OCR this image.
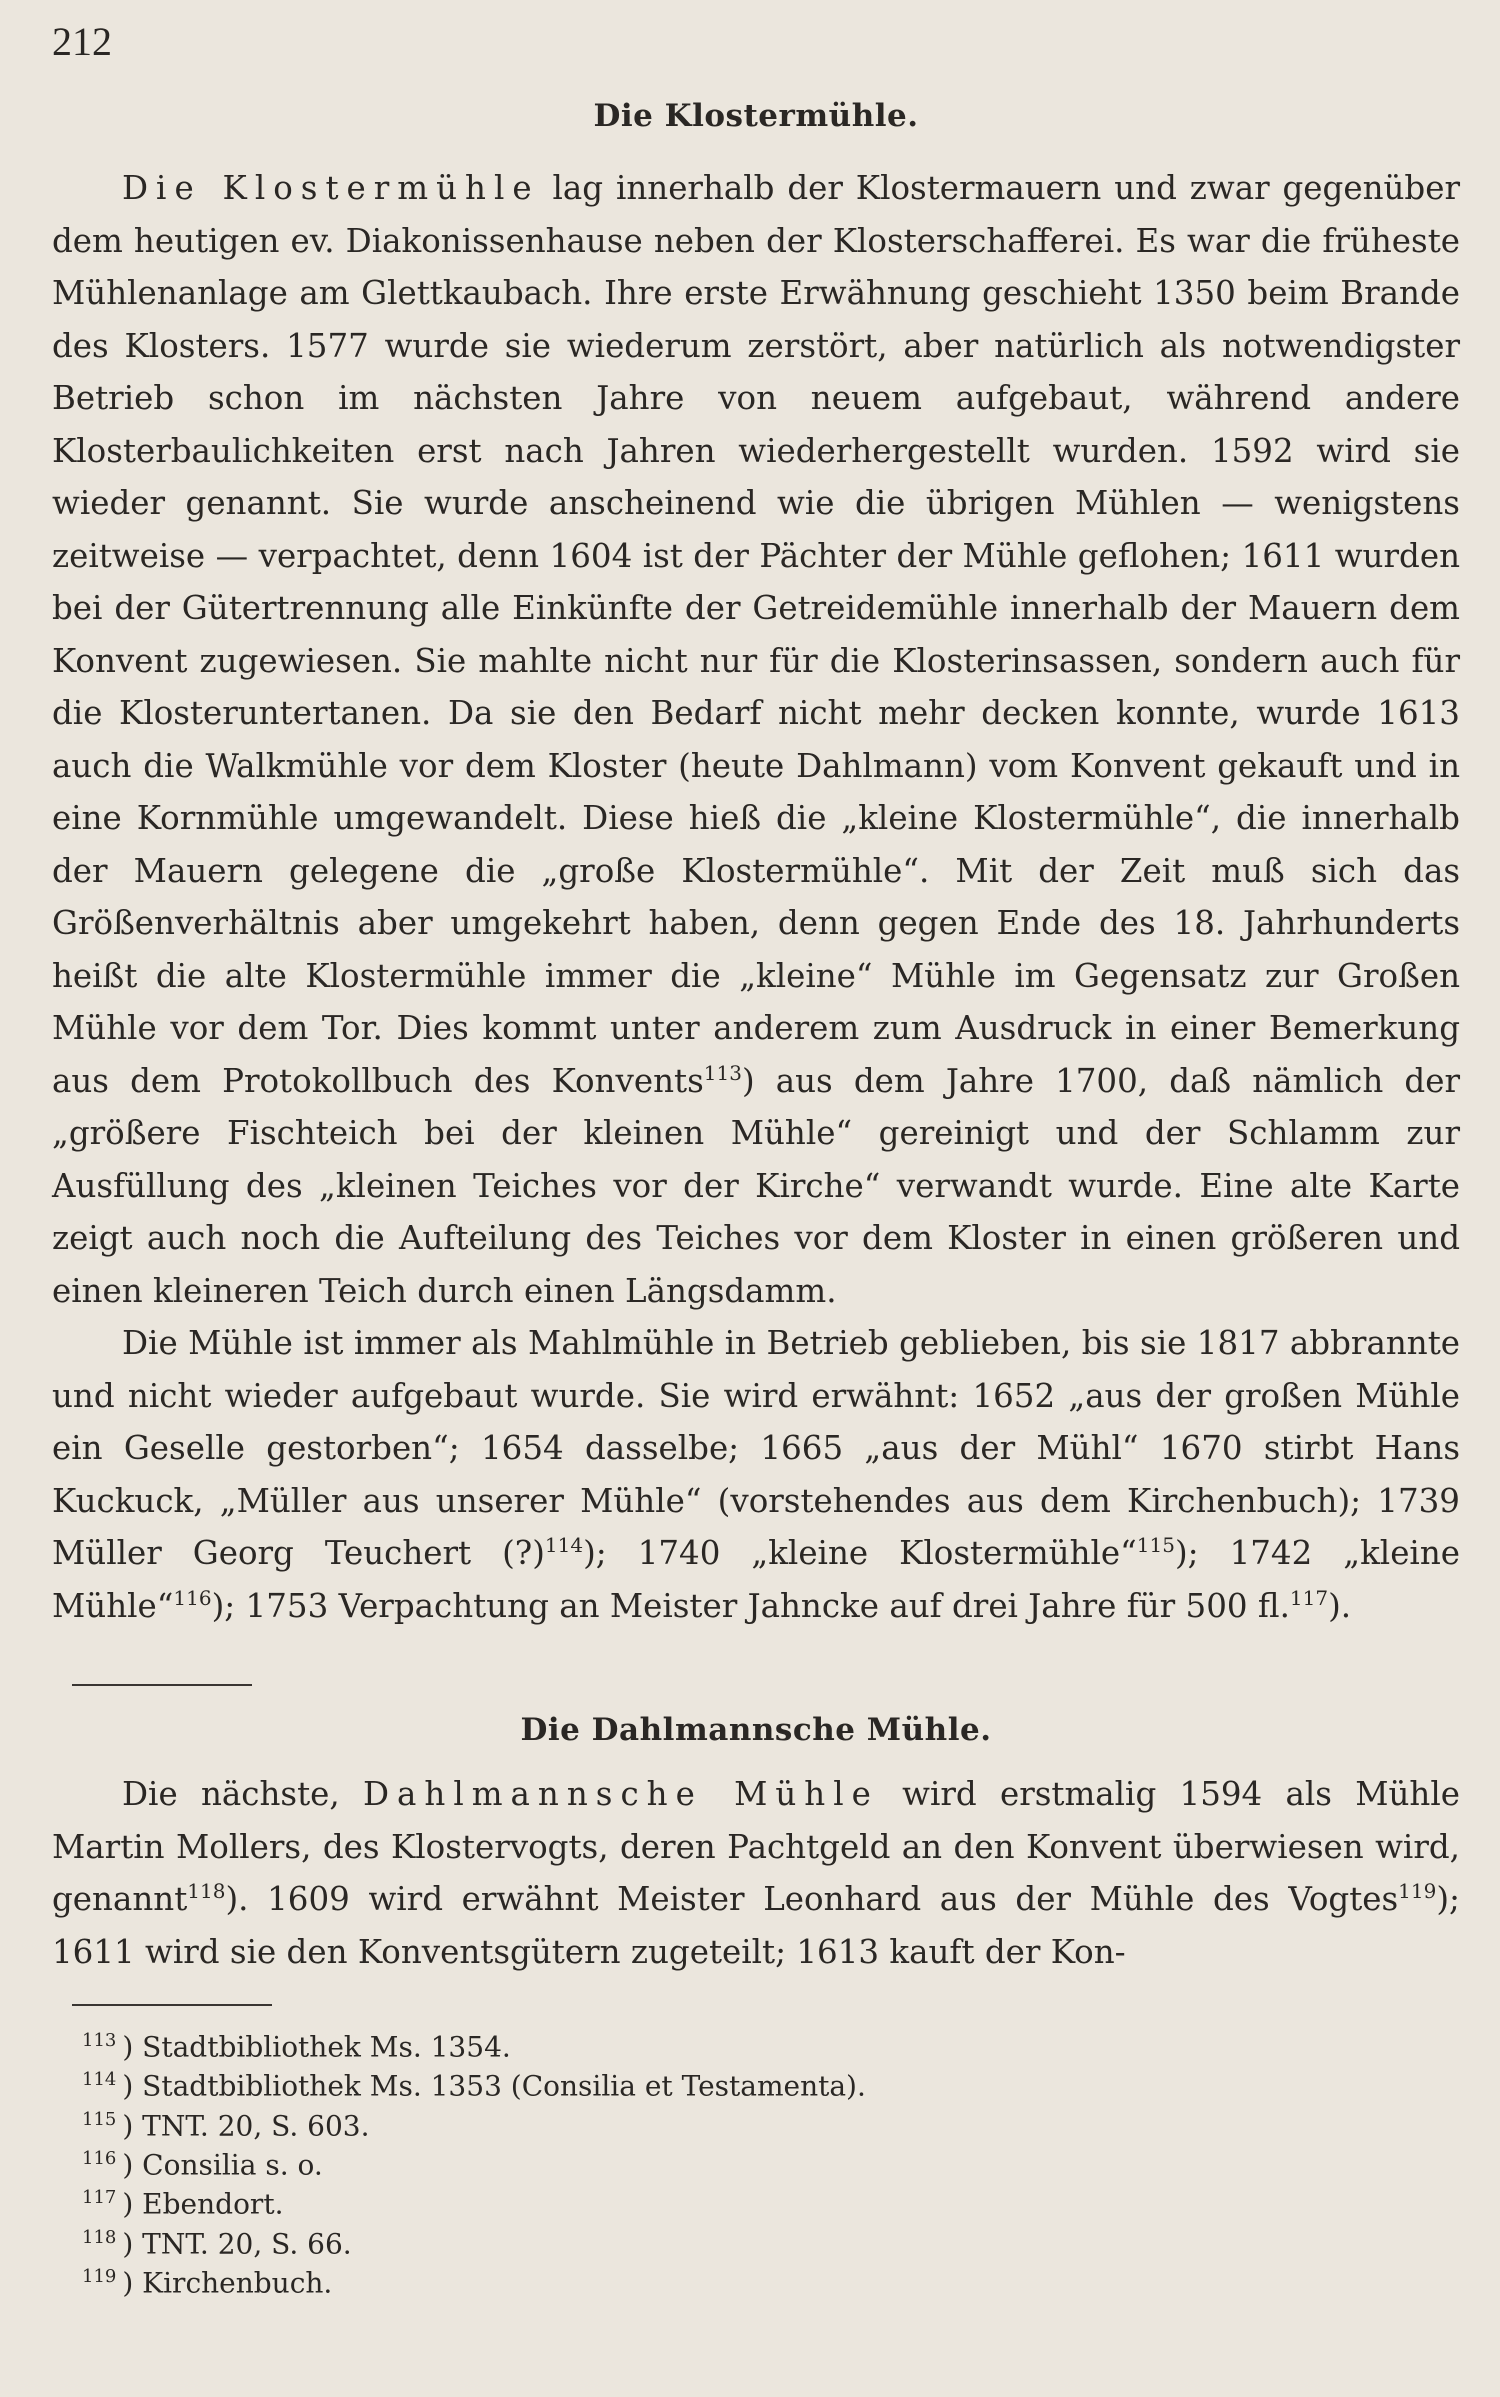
212
Die Klostermühle.

Die Klostermühle lag innerhalb der Klostermauern und zwar gegenüber dem heutigen ev. Diakonissenhause neben der Klosterschafferei. Es war die früheste Mühlenanlage am Glettkaubach. Ihre erste Erwähnung geschieht 1350 beim Brande des Klosters. 1577 wurde sie wiederum zerstört, aber natürlich als notwendigster Betrieb schon im nächsten Jahre von neuem aufgebaut, während andere Klosterbaulichkeiten erst nach Jahren wiederhergestellt wurden. 1592 wird sie wieder genannt. Sie wurde anscheinend wie die übrigen Mühlen — wenigstens zeitweise — verpachtet, denn 1604 ist der Pächter der Mühle geflohen; 1611 wurden bei der Gütertrennung alle Einkünfte der Getreidemühle innerhalb der Mauern dem Konvent zugewiesen. Sie mahlte nicht nur für die Klosterinsassen, sondern auch für die Klosteruntertanen. Da sie den Bedarf nicht mehr decken konnte, wurde 1613 auch die Walkmühle vor dem Kloster (heute Dahlmann) vom Konvent gekauft und in eine Kornmühle umgewandelt. Diese hieß die „kleine Klostermühle“, die innerhalb der Mauern gelegene die „große Klostermühle“. Mit der Zeit muß sich das Größenverhältnis aber umgekehrt haben, denn gegen Ende des 18. Jahrhunderts heißt die alte Klostermühle immer die „kleine“ Mühle im Gegensatz zur Großen Mühle vor dem Tor. Dies kommt unter anderem zum Ausdruck in einer Bemerkung aus dem Protokollbuch des Konvents$^{113}$) aus dem Jahre 1700, daß nämlich der „größere Fischteich bei der kleinen Mühle“ gereinigt und der Schlamm zur Ausfüllung des „kleinen Teiches vor der Kirche“ verwandt wurde. Eine alte Karte zeigt auch noch die Aufteilung des Teiches vor dem Kloster in einen größeren und einen kleineren Teich durch einen Längsdamm.

Die Mühle ist immer als Mahlmühle in Betrieb geblieben, bis sie 1817 abbrannte und nicht wieder aufgebaut wurde. Sie wird erwähnt: 1652 „aus der großen Mühle ein Geselle gestorben“; 1654 dasselbe; 1665 „aus der Mühl“ 1670 stirbt Hans Kuckuck, „Müller aus unserer Mühle“ (vorstehendes aus dem Kirchenbuch); 1739 Müller Georg Teuchert (?)$^{114}$); 1740 „kleine Klostermühle“$^{115}$); 1742 „kleine Mühle“$^{116}$); 1753 Verpachtung an Meister Jahncke auf drei Jahre für 500 fl.$^{117}$).

Die Dahlmannsche Mühle.

Die nächste, Dahlmannsche Mühle wird erstmalig 1594 als Mühle Martin Mollers, des Klostervogts, deren Pachtgeld an den Konvent überwiesen wird, genannt$^{118}$). 1609 wird erwähnt Meister Leonhard aus der Mühle des Vogtes$^{119}$); 1611 wird sie den Konventsgütern zugeteilt; 1613 kauft der Kon-

$^{113}$ ) Stadtbibliothek Ms. 1354.
$^{114}$ ) Stadtbibliothek Ms. 1353 (Consilia et Testamenta).
$^{115}$ ) TNT. 20, S. 603.
$^{116}$ ) Consilia s. o.
$^{117}$ ) Ebendort.
$^{118}$ ) TNT. 20, S. 66.
$^{119}$ ) Kirchenbuch.
